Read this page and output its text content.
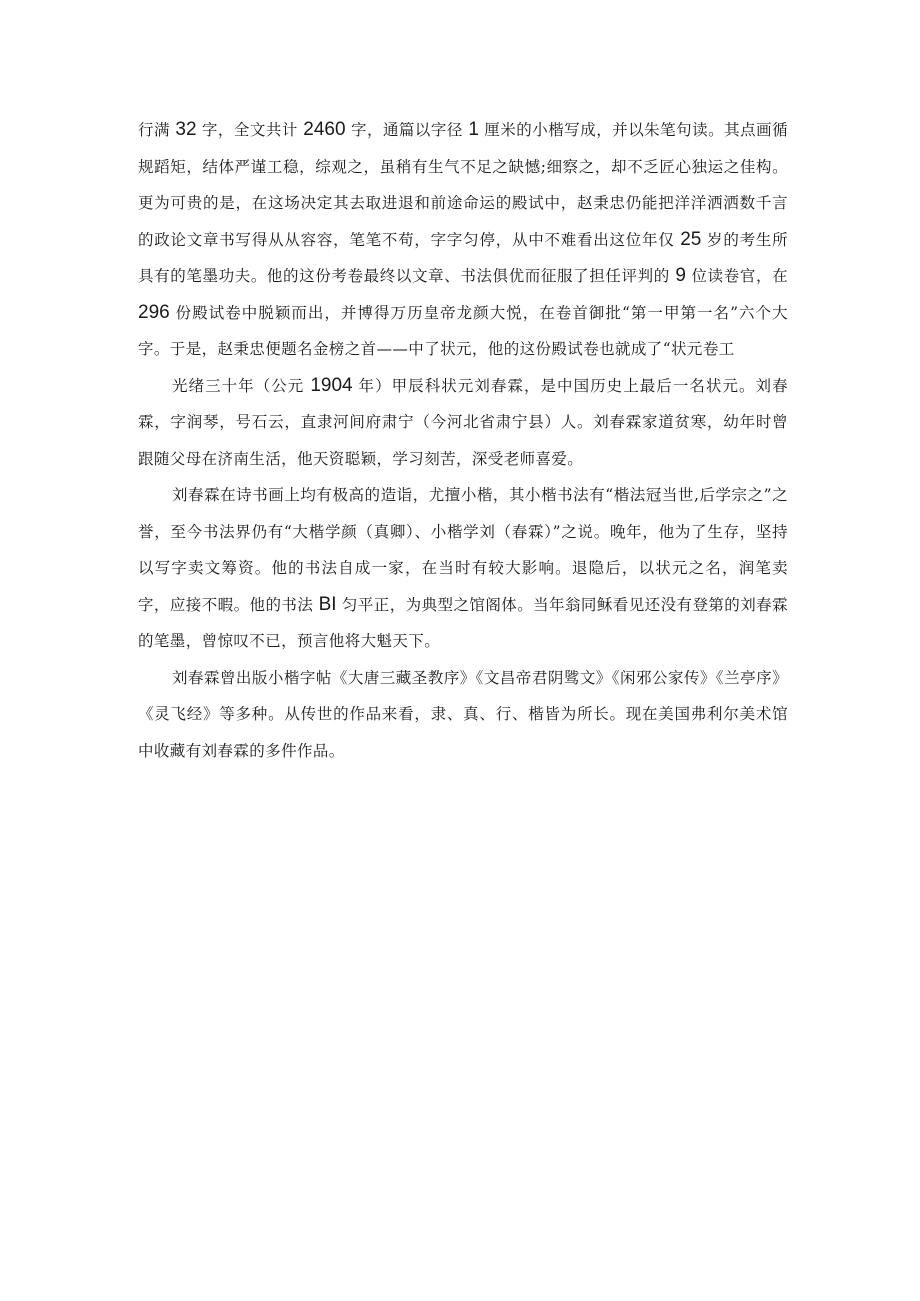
行满 32 字，全文共计 2460 字，通篇以字径 1 厘米的小楷写成，并以朱笔句读。其点画循规蹈矩，结体严谨工稳，综观之，虽稍有生气不足之缺憾;细察之，却不乏匠心独运之佳构。更为可贵的是，在这场决定其去取进退和前途命运的殿试中，赵秉忠仍能把洋洋洒洒数千言的政论文章书写得从从容容，笔笔不苟，字字匀停，从中不难看出这位年仅 25 岁的考生所具有的笔墨功夫。他的这份考卷最终以文章、书法俱优而征服了担任评判的 9 位读卷官，在 296 份殿试卷中脱颖而出，并博得万历皇帝龙颜大悦，在卷首御批“第一甲第一名”六个大字。于是，赵秉忠便题名金榜之首——中了状元，他的这份殿试卷也就成了“状元卷工

光绪三十年（公元 1904 年）甲辰科状元刘春霖，是中国历史上最后一名状元。刘春霖，字润琴，号石云，直隶河间府肃宁（今河北省肃宁县）人。刘春霖家道贫寒，幼年时曾跟随父母在济南生活，他天资聪颖，学习刻苦，深受老师喜爱。

刘春霖在诗书画上均有极高的造诣，尤擅小楷，其小楷书法有“楷法冠当世,后学宗之”之誉，至今书法界仍有“大楷学颜（真卿）、小楷学刘（春霖）”之说。晚年，他为了生存，坚持以写字卖文筹资。他的书法自成一家，在当时有较大影响。退隐后，以状元之名，润笔卖字，应接不暇。他的书法 BI 匀平正，为典型之馆阁体。当年翁同稣看见还没有登第的刘春霖的笔墨，曾惊叹不已，预言他将大魁天下。

刘春霖曾出版小楷字帖《大唐三藏圣教序》《文昌帝君阴骘文》《闲邪公家传》《兰亭序》《灵飞经》等多种。从传世的作品来看，隶、真、行、楷皆为所长。现在美国弗利尔美术馆中收藏有刘春霖的多件作品。
